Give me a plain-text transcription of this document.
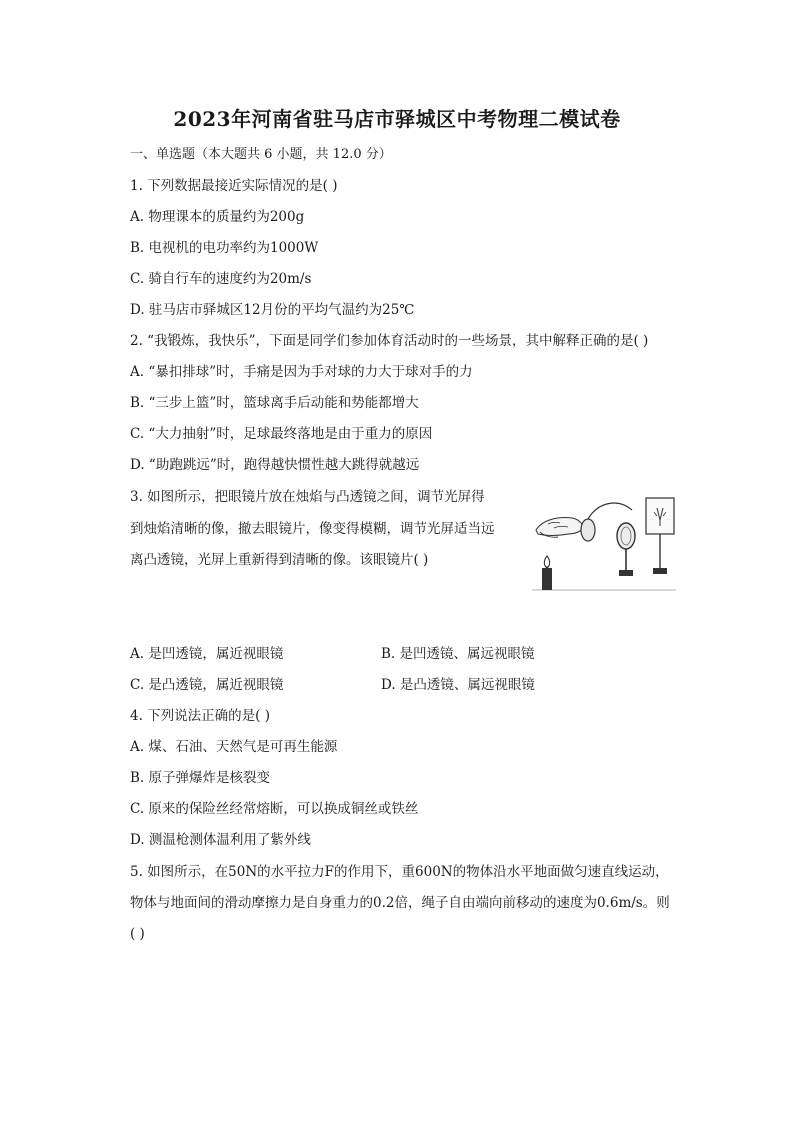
2023年河南省驻马店市驿城区中考物理二模试卷
一、单选题（本大题共 6 小题，共 12.0 分）
1. 下列数据最接近实际情况的是( )
A. 物理课本的质量约为200g
B. 电视机的电功率约为1000W
C. 骑自行车的速度约为20m/s
D. 驻马店市驿城区12月份的平均气温约为25℃
2. “我锻炼，我快乐”，下面是同学们参加体育活动时的一些场景，其中解释正确的是( )
A. “暴扣排球”时，手痛是因为手对球的力大于球对手的力
B. “三步上篮”时，篮球离手后动能和势能都增大
C. “大力抽射”时，足球最终落地是由于重力的原因
D. “助跑跳远”时，跑得越快惯性越大跳得就越远
3. 如图所示，把眼镜片放在烛焰与凸透镜之间，调节光屏得
到烛焰清晰的像，撤去眼镜片，像变得模糊，调节光屏适当远
离凸透镜，光屏上重新得到清晰的像。该眼镜片( )
A. 是凹透镜，属近视眼镜	B. 是凹透镜、属远视眼镜
C. 是凸透镜，属近视眼镜	D. 是凸透镜、属远视眼镜
4. 下列说法正确的是( )
A. 煤、石油、天然气是可再生能源
B. 原子弹爆炸是核裂变
C. 原来的保险丝经常熔断，可以换成铜丝或铁丝
D. 测温枪测体温利用了紫外线
5. 如图所示，在50N的水平拉力F的作用下，重600N的物体沿水平地面做匀速直线运动，
物体与地面间的滑动摩擦力是自身重力的0.2倍，绳子自由端向前移动的速度为0.6m/s。则
( )
